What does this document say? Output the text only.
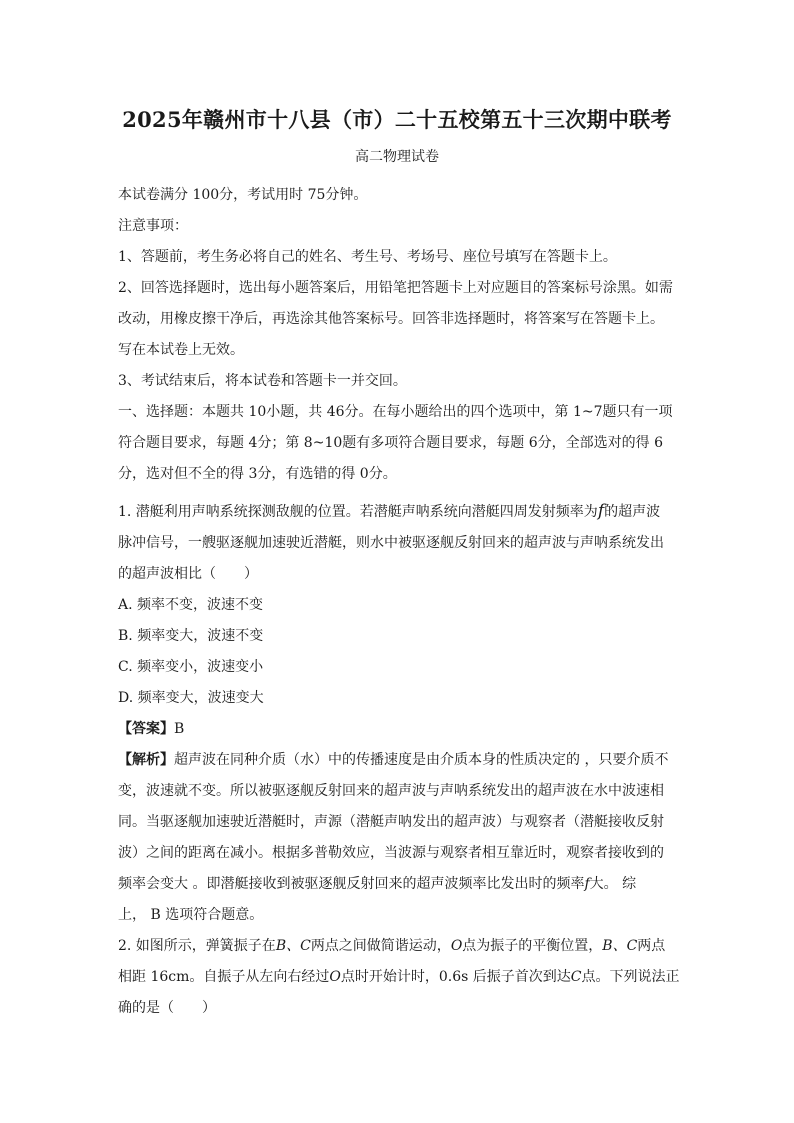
2025年赣州市十八县（市）二十五校第五十三次期中联考
高二物理试卷

本试卷满分 100分，考试用时 75分钟。

注意事项：

1、答题前，考生务必将自己的姓名、考生号、考场号、座位号填写在答题卡上。

2、回答选择题时，选出每小题答案后，用铅笔把答题卡上对应题目的答案标号涂黑。如需

改动，用橡皮擦干净后，再选涂其他答案标号。回答非选择题时，将答案写在答题卡上。

写在本试卷上无效。

3、考试结束后，将本试卷和答题卡一并交回。

一、选择题：本题共 10小题，共 46分。在每小题给出的四个选项中，第 1~7题只有一项

符合题目要求，每题 4分；第 8~10题有多项符合题目要求，每题 6分，全部选对的得 6

分，选对但不全的得 3分，有选错的得 0分。

1. 潜艇利用声呐系统探测敌舰的位置。若潜艇声呐系统向潜艇四周发射频率为f的超声波

脉冲信号，一艘驱逐舰加速驶近潜艇，则水中被驱逐舰反射回来的超声波与声呐系统发出

的超声波相比（　　）

A. 频率不变，波速不变

B. 频率变大，波速不变

C. 频率变小，波速变小

D. 频率变大，波速变大

【答案】B

【解析】超声波在同种介质（水）中的传播速度是由介质本身的性质决定的 ，只要介质不

变，波速就不变。所以被驱逐舰反射回来的超声波与声呐系统发出的超声波在水中波速相

同。当驱逐舰加速驶近潜艇时，声源（潜艇声呐发出的超声波）与观察者（潜艇接收反射

波）之间的距离在减小。根据多普勒效应，当波源与观察者相互靠近时，观察者接收到的

频率会变大 。即潜艇接收到被驱逐舰反射回来的超声波频率比发出时的频率f大。 综

上， B 选项符合题意。

2. 如图所示，弹簧振子在B、C两点之间做简谐运动，O点为振子的平衡位置，B、C两点

相距 16cm。自振子从左向右经过O点时开始计时，0.6s 后振子首次到达C点。下列说法正

确的是（　　）
